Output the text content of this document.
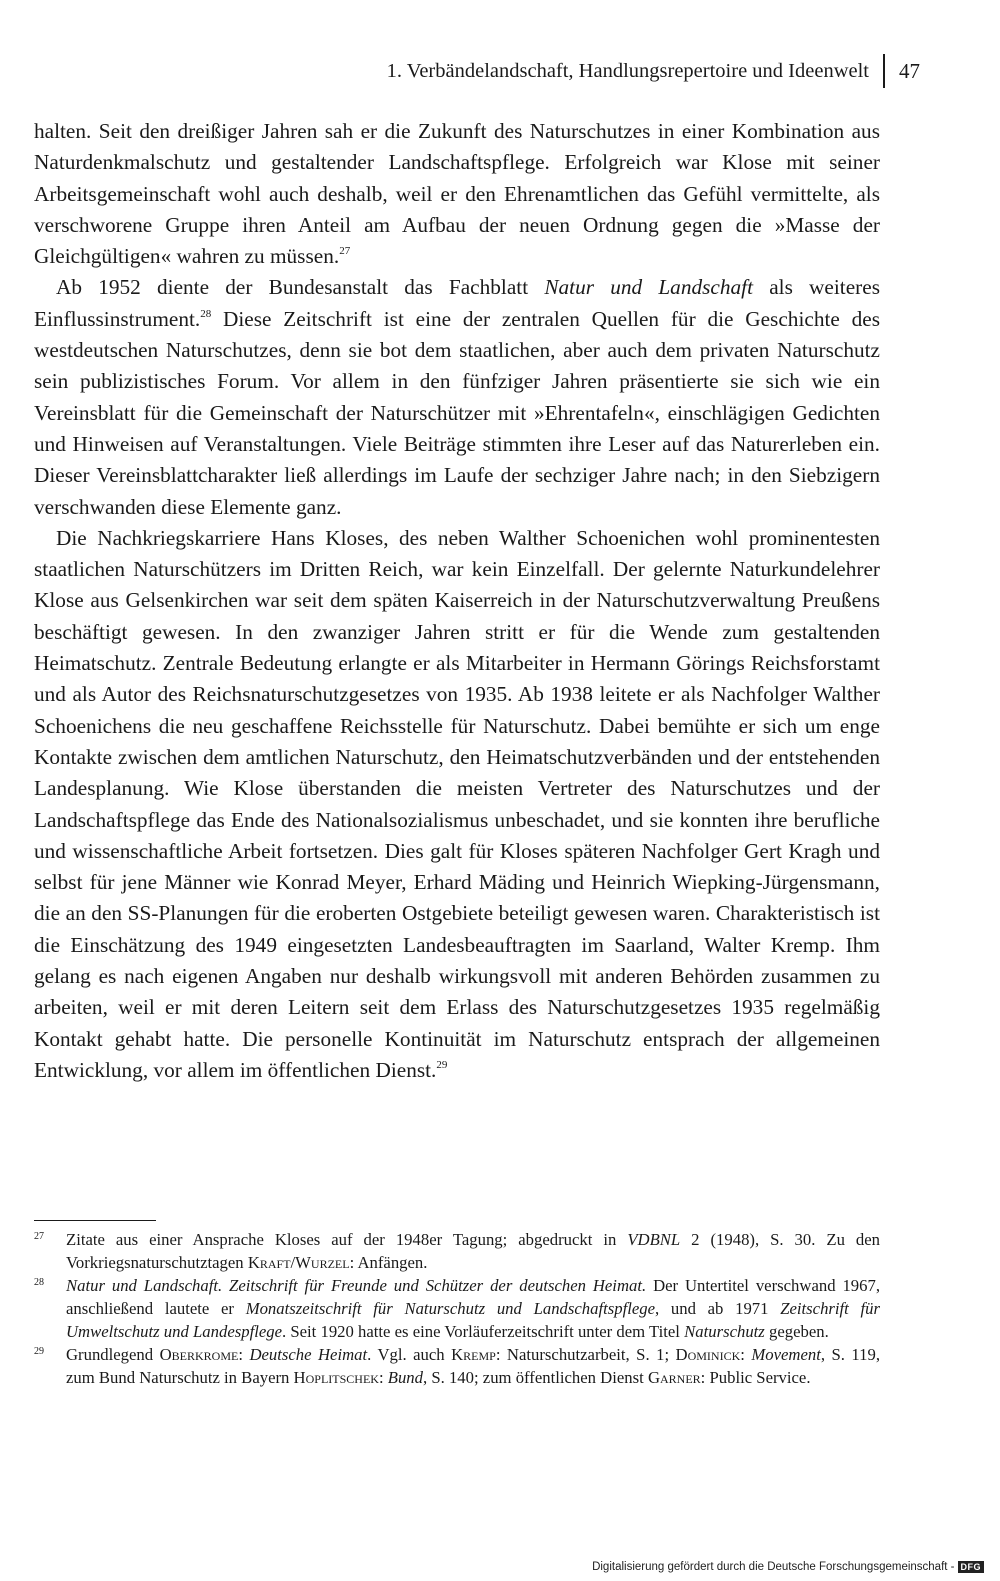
1. Verbändelandschaft, Handlungsrepertoire und Ideenwelt 47

halten. Seit den dreißiger Jahren sah er die Zukunft des Naturschutzes in einer Kombination aus Naturdenkmalschutz und gestaltender Landschaftspflege. Erfolgreich war Klose mit seiner Arbeitsgemeinschaft wohl auch deshalb, weil er den Ehrenamtlichen das Gefühl vermittelte, als verschworene Gruppe ihren Anteil am Aufbau der neuen Ordnung gegen die »Masse der Gleichgültigen« wahren zu müssen.$^{27}$

Ab 1952 diente der Bundesanstalt das Fachblatt Natur und Landschaft als weiteres Einflussinstrument.$^{28}$ Diese Zeitschrift ist eine der zentralen Quellen für die Geschichte des westdeutschen Naturschutzes, denn sie bot dem staatlichen, aber auch dem privaten Naturschutz sein publizistisches Forum. Vor allem in den fünfziger Jahren präsentierte sie sich wie ein Vereinsblatt für die Gemeinschaft der Naturschützer mit »Ehrentafeln«, einschlägigen Gedichten und Hinweisen auf Veranstaltungen. Viele Beiträge stimmten ihre Leser auf das Naturerleben ein. Dieser Vereinsblattcharakter ließ allerdings im Laufe der sechziger Jahre nach; in den Siebzigern verschwanden diese Elemente ganz.

Die Nachkriegskarriere Hans Kloses, des neben Walther Schoenichen wohl prominentesten staatlichen Naturschützers im Dritten Reich, war kein Einzelfall. Der gelernte Naturkundelehrer Klose aus Gelsenkirchen war seit dem späten Kaiserreich in der Naturschutzverwaltung Preußens beschäftigt gewesen. In den zwanziger Jahren stritt er für die Wende zum gestaltenden Heimatschutz. Zentrale Bedeutung erlangte er als Mitarbeiter in Hermann Görings Reichsforstamt und als Autor des Reichsnaturschutzgesetzes von 1935. Ab 1938 leitete er als Nachfolger Walther Schoenichens die neu geschaffene Reichsstelle für Naturschutz. Dabei bemühte er sich um enge Kontakte zwischen dem amtlichen Naturschutz, den Heimatschutzverbänden und der entstehenden Landesplanung. Wie Klose überstanden die meisten Vertreter des Naturschutzes und der Landschaftspflege das Ende des Nationalsozialismus unbeschadet, und sie konnten ihre berufliche und wissenschaftliche Arbeit fortsetzen. Dies galt für Kloses späteren Nachfolger Gert Kragh und selbst für jene Männer wie Konrad Meyer, Erhard Mäding und Heinrich Wiepking-Jürgensmann, die an den SS-Planungen für die eroberten Ostgebiete beteiligt gewesen waren. Charakteristisch ist die Einschätzung des 1949 eingesetzten Landesbeauftragten im Saarland, Walter Kremp. Ihm gelang es nach eigenen Angaben nur deshalb wirkungsvoll mit anderen Behörden zusammen zu arbeiten, weil er mit deren Leitern seit dem Erlass des Naturschutzgesetzes 1935 regelmäßig Kontakt gehabt hatte. Die personelle Kontinuität im Naturschutz entsprach der allgemeinen Entwicklung, vor allem im öffentlichen Dienst.$^{29}$

27 Zitate aus einer Ansprache Kloses auf der 1948er Tagung; abgedruckt in VDBNL 2 (1948), S. 30. Zu den Vorkriegsnaturschutztagen Kraft/Wurzel: Anfängen.

28 Natur und Landschaft. Zeitschrift für Freunde und Schützer der deutschen Heimat. Der Untertitel verschwand 1967, anschließend lautete er Monatszeitschrift für Naturschutz und Landschaftspflege, und ab 1971 Zeitschrift für Umweltschutz und Landespflege. Seit 1920 hatte es eine Vorläuferzeitschrift unter dem Titel Naturschutz gegeben.

29 Grundlegend Oberkrome: Deutsche Heimat. Vgl. auch Kremp: Naturschutzarbeit, S. 1; Dominick: Movement, S. 119, zum Bund Naturschutz in Bayern Hoplitschek: Bund, S. 140; zum öffentlichen Dienst Garner: Public Service.

Digitalisierung gefördert durch die Deutsche Forschungsgemeinschaft - DFG
